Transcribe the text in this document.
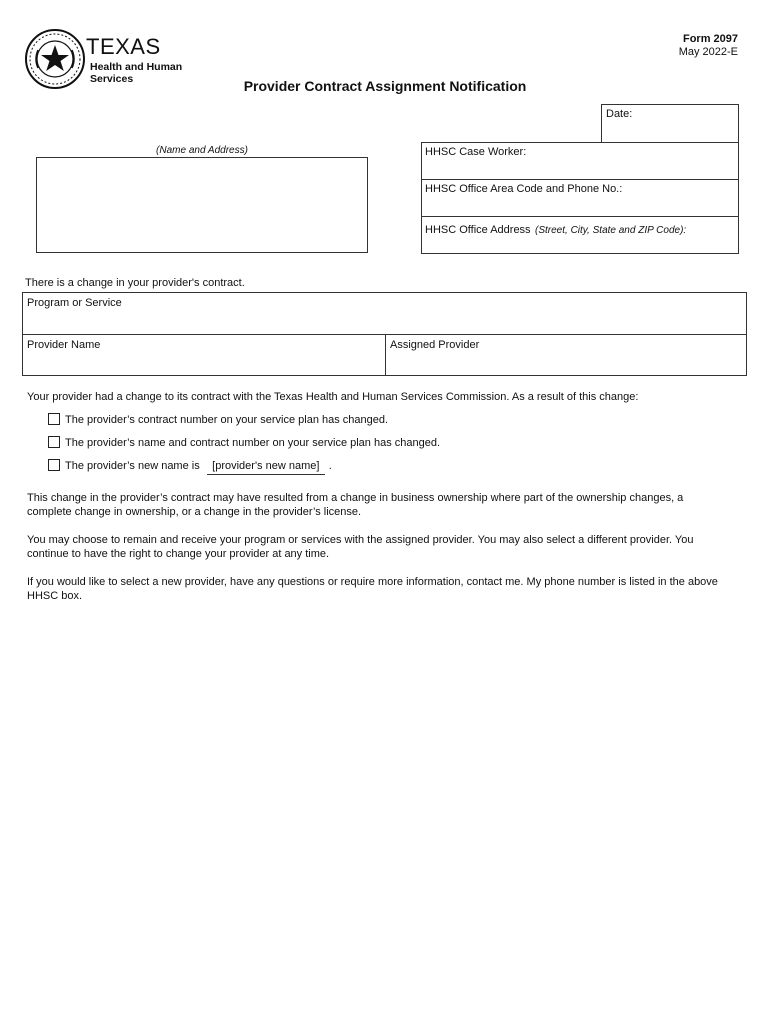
TEXAS
Health and Human
Services
Form 2097
May 2022-E
Provider Contract Assignment Notification
Date:
(Name and Address)	HHSC Case Worker:
HHSC Office Area Code and Phone No.:
HHSC Office Address (Street, City, State and ZIP Code):
There is a change in your provider's contract.
Program or Service
Provider Name	Assigned Provider
Your provider had a change to its contract with the Texas Health and Human Services Commission. As a result of this change:
The provider’s contract number on your service plan has changed.
The provider’s name and contract number on your service plan has changed.
The provider’s new name is [provider's new name] .
This change in the provider’s contract may have resulted from a change in business ownership where part of the ownership changes, a
complete change in ownership, or a change in the provider’s license.
You may choose to remain and receive your program or services with the assigned provider. You may also select a different provider. You
continue to have the right to change your provider at any time.
If you would like to select a new provider, have any questions or require more information, contact me. My phone number is listed in the above
HHSC box.
